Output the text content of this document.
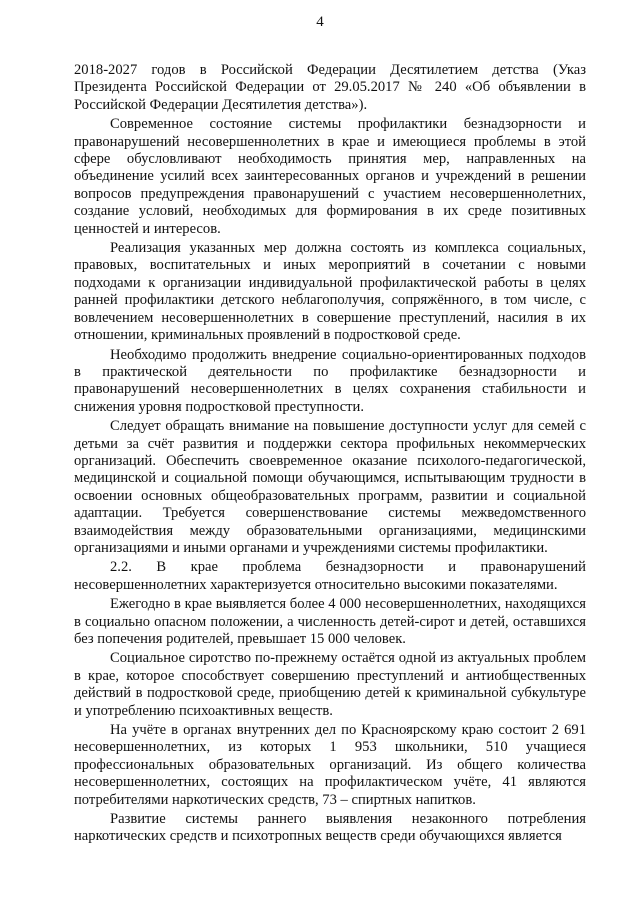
4

2018-2027 годов в Российской Федерации Десятилетием детства (Указ Президента Российской Федерации от 29.05.2017 № 240 «Об объявлении в Российской Федерации Десятилетия детства»).

Современное состояние системы профилактики безнадзорности и правонарушений несовершеннолетних в крае и имеющиеся проблемы в этой сфере обусловливают необходимость принятия мер, направленных на объединение усилий всех заинтересованных органов и учреждений в решении вопросов предупреждения правонарушений с участием несовершеннолетних, создание условий, необходимых для формирования в их среде позитивных ценностей и интересов.

Реализация указанных мер должна состоять из комплекса социальных, правовых, воспитательных и иных мероприятий в сочетании с новыми подходами к организации индивидуальной профилактической работы в целях ранней профилактики детского неблагополучия, сопряжённого, в том числе, с вовлечением несовершеннолетних в совершение преступлений, насилия в их отношении, криминальных проявлений в подростковой среде.

Необходимо продолжить внедрение социально-ориентированных подходов в практической деятельности по профилактике безнадзорности и правонарушений несовершеннолетних в целях сохранения стабильности и снижения уровня подростковой преступности.

Следует обращать внимание на повышение доступности услуг для семей с детьми за счёт развития и поддержки сектора профильных некоммерческих организаций. Обеспечить своевременное оказание психолого-педагогической, медицинской и социальной помощи обучающимся, испытывающим трудности в освоении основных общеобразовательных программ, развитии и социальной адаптации. Требуется совершенствование системы межведомственного взаимодействия между образовательными организациями, медицинскими организациями и иными органами и учреждениями системы профилактики.

2.2. В крае проблема безнадзорности и правонарушений несовершеннолетних характеризуется относительно высокими показателями.

Ежегодно в крае выявляется более 4 000 несовершеннолетних, находящихся в социально опасном положении, а численность детей-сирот и детей, оставшихся без попечения родителей, превышает 15 000 человек.

Социальное сиротство по-прежнему остаётся одной из актуальных проблем в крае, которое способствует совершению преступлений и антиобщественных действий в подростковой среде, приобщению детей к криминальной субкультуре и употреблению психоактивных веществ.

На учёте в органах внутренних дел по Красноярскому краю состоит 2 691 несовершеннолетних, из которых 1 953 школьники, 510 учащиеся профессиональных образовательных организаций. Из общего количества несовершеннолетних, состоящих на профилактическом учёте, 41 являются потребителями наркотических средств, 73 – спиртных напитков.

Развитие системы раннего выявления незаконного потребления наркотических средств и психотропных веществ среди обучающихся является
